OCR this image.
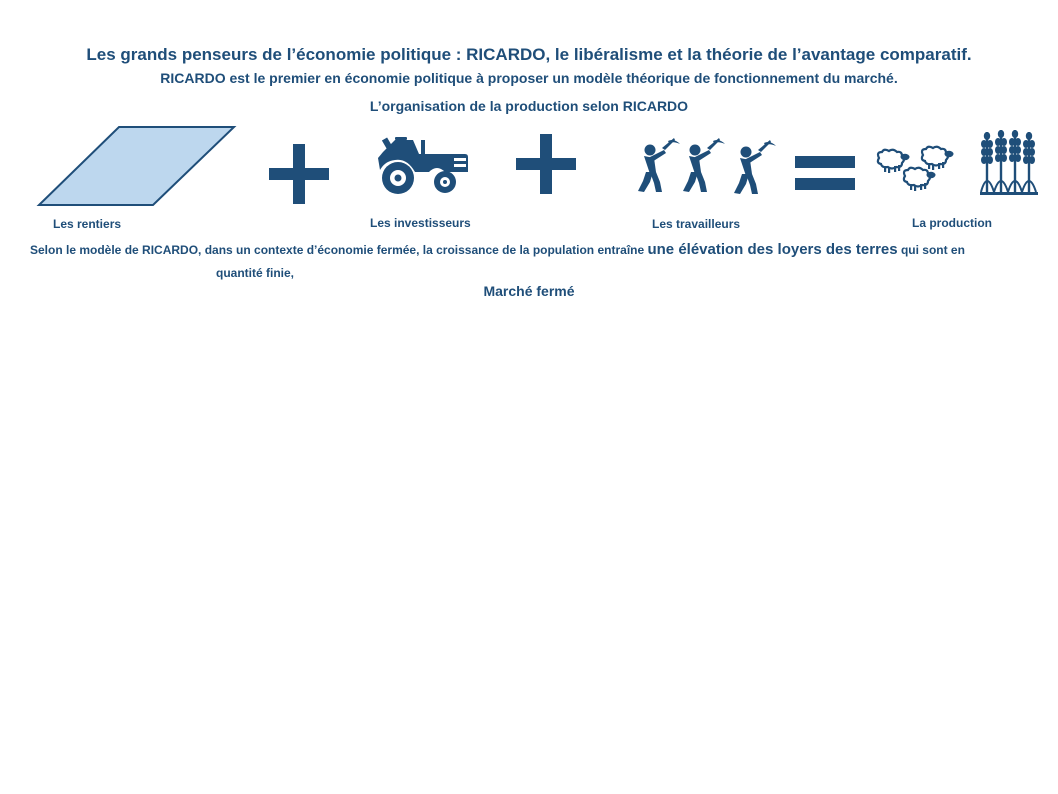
Les grands penseurs de l’économie politique : RICARDO, le libéralisme et la théorie de l’avantage comparatif.
RICARDO est le premier en économie politique à proposer un modèle théorique de fonctionnement du marché.
L’organisation de la production selon RICARDO
Les rentiers	Les investisseurs	Les travailleurs	La production
Selon le modèle de RICARDO, dans un contexte d’économie fermée, la croissance de la population entraîne une élévation des loyers des terres qui sont en
quantité finie,
Marché fermé
